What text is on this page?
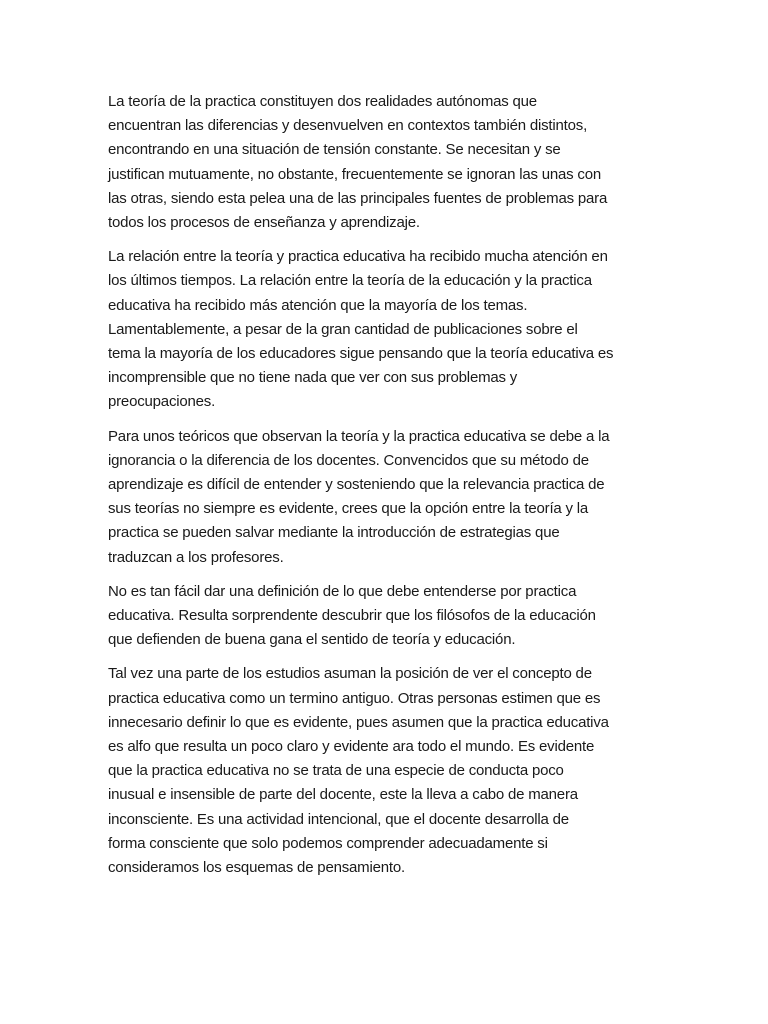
La teoría de la practica constituyen dos realidades autónomas que
encuentran las diferencias y desenvuelven en contextos también distintos,
encontrando en una situación de tensión constante. Se necesitan y se
justifican mutuamente, no obstante, frecuentemente se ignoran las unas con
las otras, siendo esta pelea una de las principales fuentes de problemas para
todos los procesos de enseñanza y aprendizaje.

La relación entre la teoría y practica educativa ha recibido mucha atención en
los últimos tiempos. La relación entre la teoría de la educación y la practica
educativa ha recibido más atención que la mayoría de los temas.
Lamentablemente, a pesar de la gran cantidad de publicaciones sobre el
tema la mayoría de los educadores sigue pensando que la teoría educativa es
incomprensible que no tiene nada que ver con sus problemas y
preocupaciones.

Para unos teóricos que observan la teoría y la practica educativa se debe a la
ignorancia o la diferencia de los docentes. Convencidos que su método de
aprendizaje es difícil de entender y sosteniendo que la relevancia practica de
sus teorías no siempre es evidente, crees que la opción entre la teoría y la
practica se pueden salvar mediante la introducción de estrategias que
traduzcan a los profesores.

No es tan fácil dar una definición de lo que debe entenderse por practica
educativa. Resulta sorprendente descubrir que los filósofos de la educación
que defienden de buena gana el sentido de teoría y educación.

Tal vez una parte de los estudios asuman la posición de ver el concepto de
practica educativa como un termino antiguo. Otras personas estimen que es
innecesario definir lo que es evidente, pues asumen que la practica educativa
es alfo que resulta un poco claro y evidente ara todo el mundo. Es evidente
que la practica educativa no se trata de una especie de conducta poco
inusual e insensible de parte del docente, este la lleva a cabo de manera
inconsciente. Es una actividad intencional, que el docente desarrolla de
forma consciente que solo podemos comprender adecuadamente si
consideramos los esquemas de pensamiento.
